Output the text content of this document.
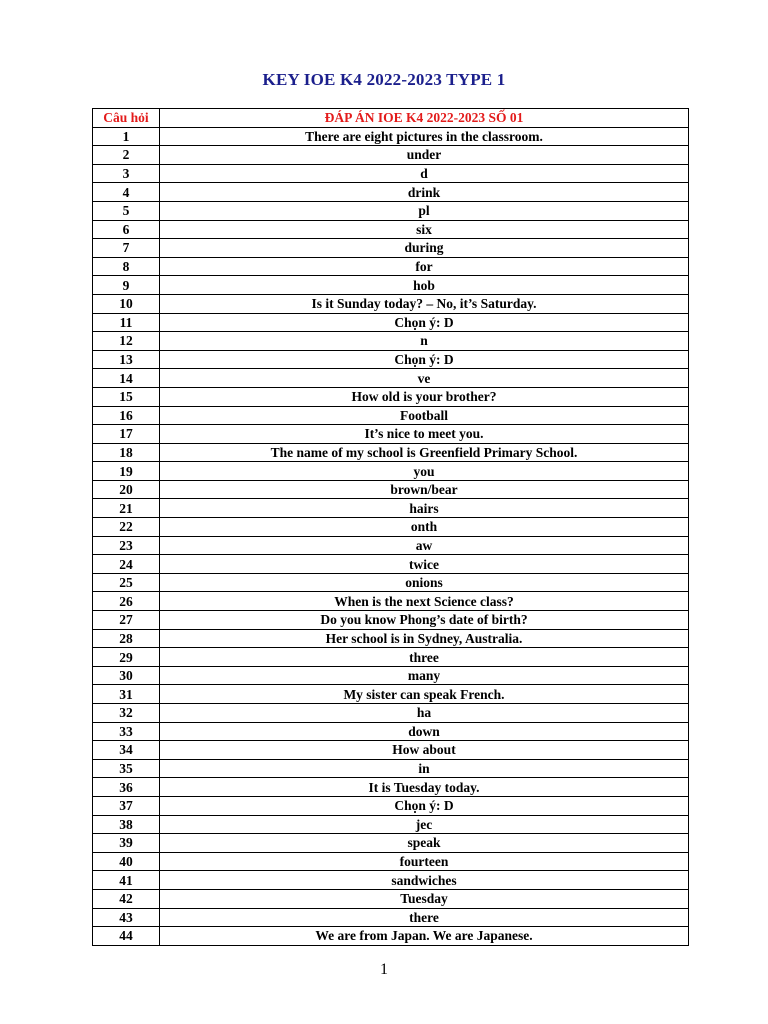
KEY IOE K4 2022-2023 TYPE 1
Câu hỏi	ĐÁP ÁN IOE K4 2022-2023 SỐ 01
1	There are eight pictures in the classroom.
2	under
3	d
4	drink
5	pl
6	six
7	during
8	for
9	hob
10	Is it Sunday today? – No, it’s Saturday.
11	Chọn ý: D
12	n
13	Chọn ý: D
14	ve
15	How old is your brother?
16	Football
17	It’s nice to meet you.
18	The name of my school is Greenfield Primary School.
19	you
20	brown/bear
21	hairs
22	onth
23	aw
24	twice
25	onions
26	When is the next Science class?
27	Do you know Phong’s date of birth?
28	Her school is in Sydney, Australia.
29	three
30	many
31	My sister can speak French.
32	ha
33	down
34	How about
35	in
36	It is Tuesday today.
37	Chọn ý: D
38	jec
39	speak
40	fourteen
41	sandwiches
42	Tuesday
43	there
44	We are from Japan. We are Japanese.
1
